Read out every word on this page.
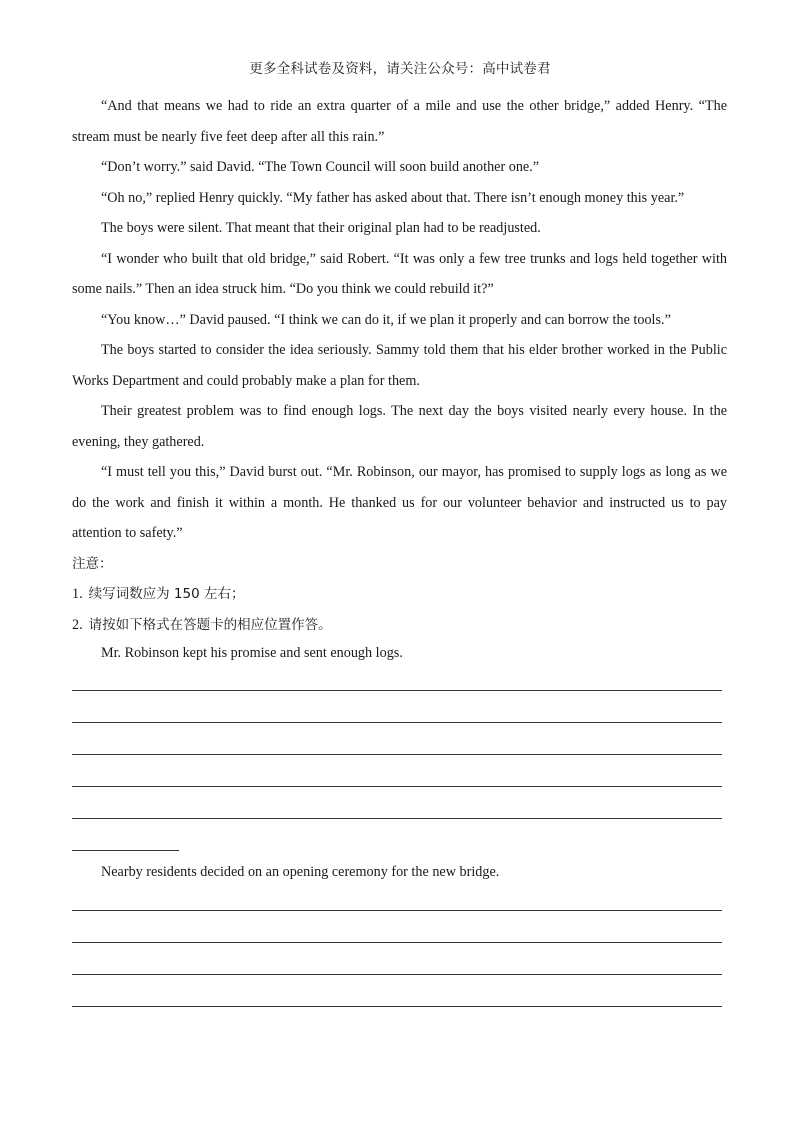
更多全科试卷及资料，请关注公众号：高中试卷君

“And that means we had to ride an extra quarter of a mile and use the other bridge,” added Henry. “The stream must be nearly five feet deep after all this rain.”

“Don’t worry.” said David. “The Town Council will soon build another one.”

“Oh no,” replied Henry quickly. “My father has asked about that. There isn’t enough money this year.”

The boys were silent. That meant that their original plan had to be readjusted.

“I wonder who built that old bridge,” said Robert. “It was only a few tree trunks and logs held together with some nails.” Then an idea struck him. “Do you think we could rebuild it?”

“You know…” David paused. “I think we can do it, if we plan it properly and can borrow the tools.”

The boys started to consider the idea seriously. Sammy told them that his elder brother worked in the Public Works Department and could probably make a plan for them.

Their greatest problem was to find enough logs. The next day the boys visited nearly every house. In the evening, they gathered.

“I must tell you this,” David burst out. “Mr. Robinson, our mayor, has promised to supply logs as long as we do the work and finish it within a month. He thanked us for our volunteer behavior and instructed us to pay attention to safety.”

注意：

1. 续写词数应为 150 左右；

2. 请按如下格式在答题卡的相应位置作答。

Mr. Robinson kept his promise and sent enough logs.
Nearby residents decided on an opening ceremony for the new bridge.
